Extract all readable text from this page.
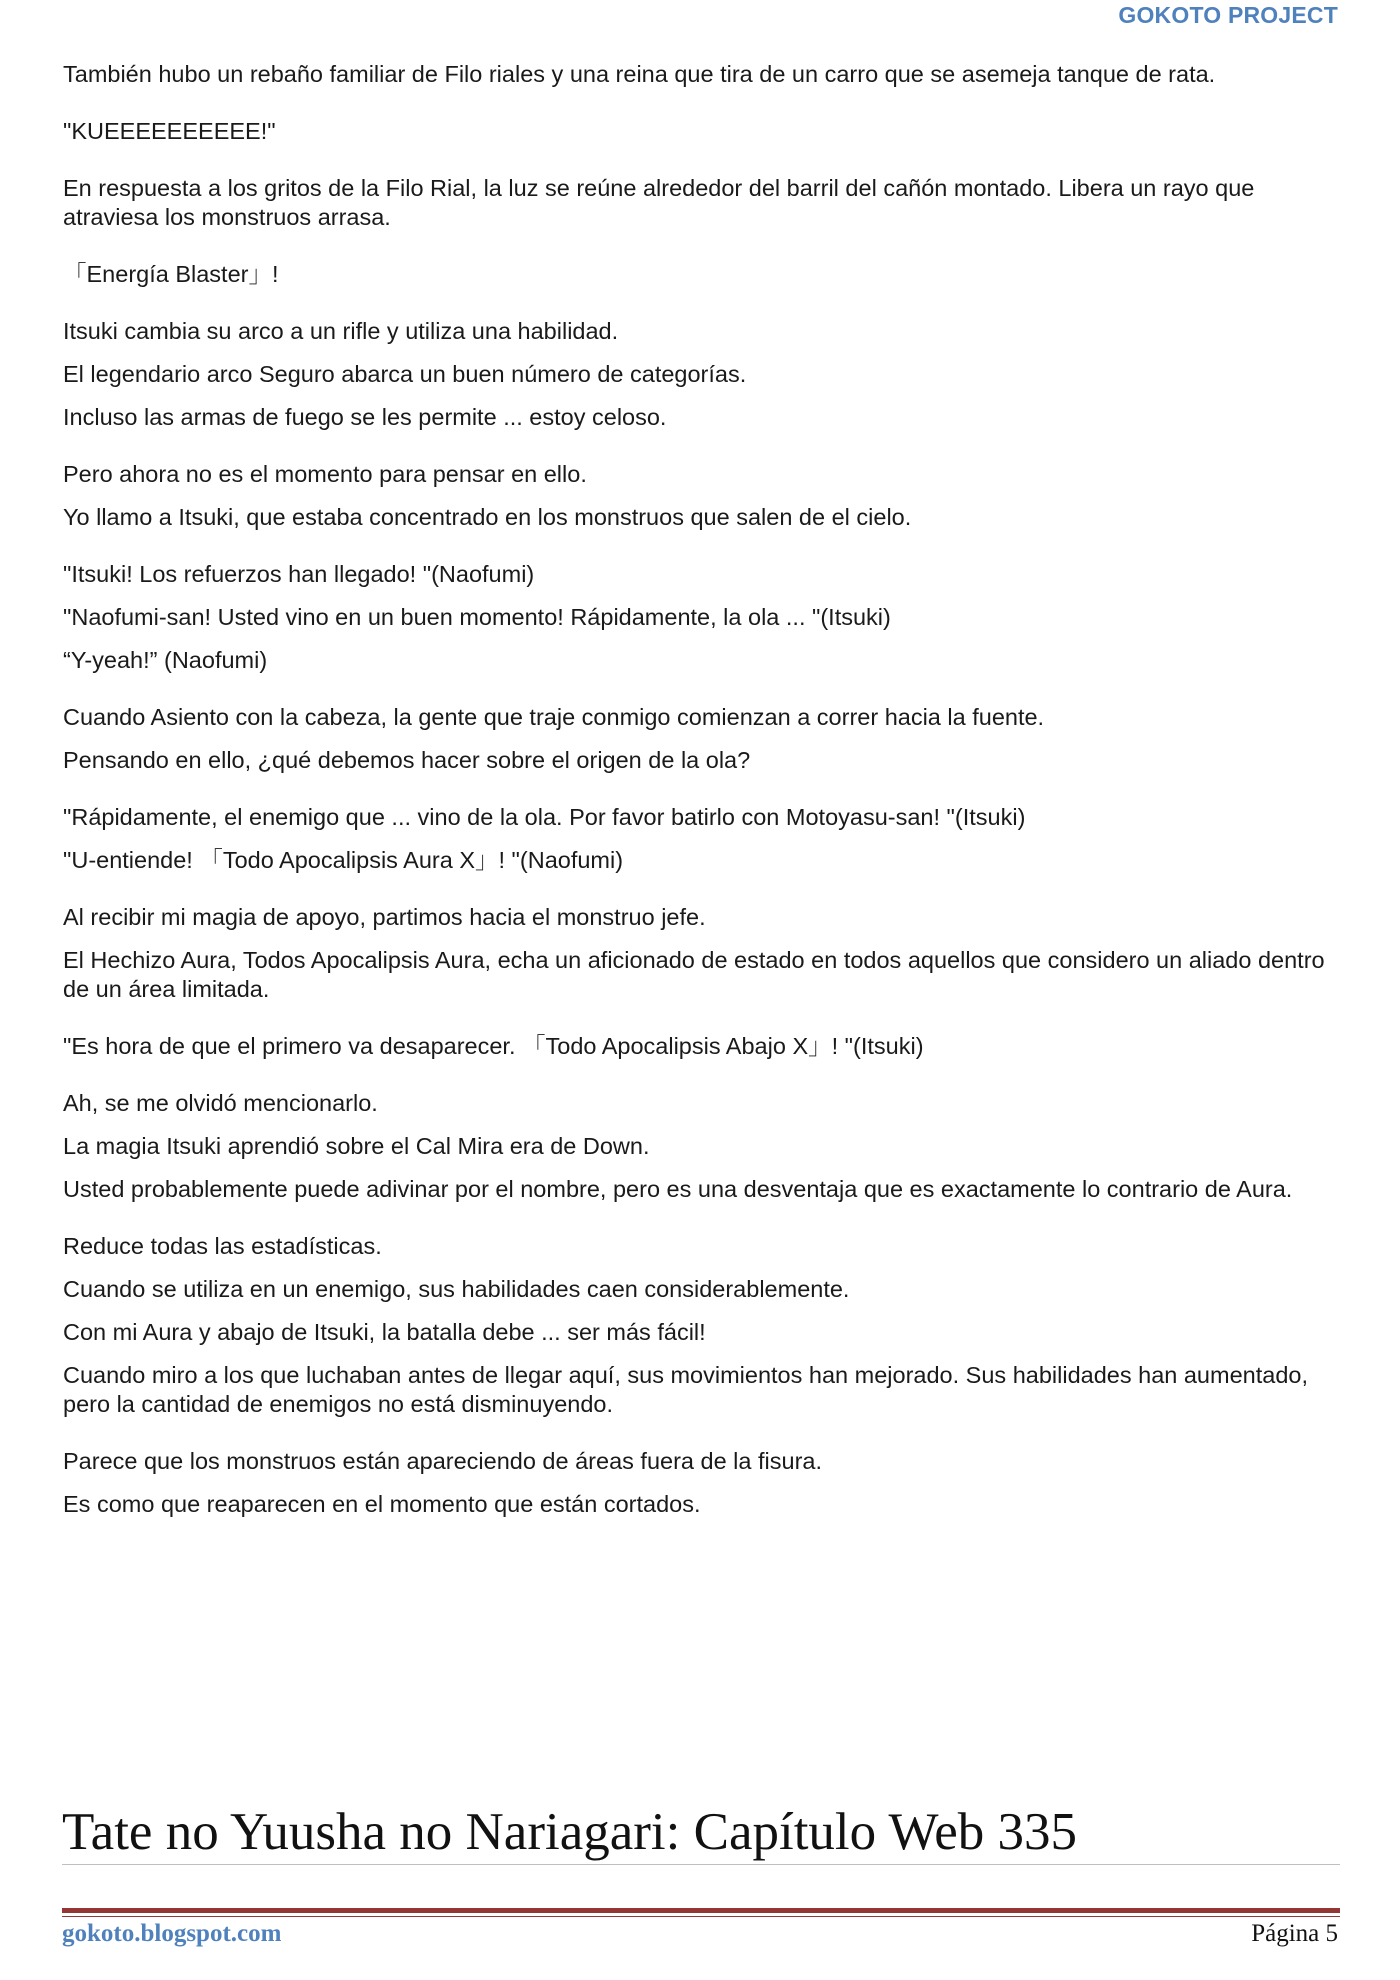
GOKOTO PROJECT
También hubo un rebaño familiar de Filo riales y una reina que tira de un carro que se asemeja tanque de rata.
"KUEEEEEEEEEE!"
En respuesta a los gritos de la Filo Rial, la luz se reúne alrededor del barril del cañón montado. Libera un rayo que atraviesa los monstruos arrasa.
「Energía Blaster」!
Itsuki cambia su arco a un rifle y utiliza una habilidad.
El legendario arco Seguro abarca un buen número de categorías.
Incluso las armas de fuego se les permite ... estoy celoso.
Pero ahora no es el momento para pensar en ello.
Yo llamo a Itsuki, que estaba concentrado en los monstruos que salen de el cielo.
"Itsuki! Los refuerzos han llegado! "(Naofumi)
"Naofumi-san! Usted vino en un buen momento! Rápidamente, la ola ... "(Itsuki)
“Y-yeah!” (Naofumi)
Cuando Asiento con la cabeza, la gente que traje conmigo comienzan a correr hacia la fuente.
Pensando en ello, ¿qué debemos hacer sobre el origen de la ola?
"Rápidamente, el enemigo que ... vino de la ola. Por favor batirlo con Motoyasu-san! "(Itsuki)
"U-entiende! 「Todo Apocalipsis Aura X」! "(Naofumi)
Al recibir mi magia de apoyo, partimos hacia el monstruo jefe.
El Hechizo Aura, Todos Apocalipsis Aura, echa un aficionado de estado en todos aquellos que considero un aliado dentro de un área limitada.
"Es hora de que el primero va desaparecer. 「Todo Apocalipsis Abajo X」! "(Itsuki)
Ah, se me olvidó mencionarlo.
La magia Itsuki aprendió sobre el Cal Mira era de Down.
Usted probablemente puede adivinar por el nombre, pero es una desventaja que es exactamente lo contrario de Aura.
Reduce todas las estadísticas.
Cuando se utiliza en un enemigo, sus habilidades caen considerablemente.
Con mi Aura y abajo de Itsuki, la batalla debe ... ser más fácil!
Cuando miro a los que luchaban antes de llegar aquí, sus movimientos han mejorado. Sus habilidades han aumentado, pero la cantidad de enemigos no está disminuyendo.
Parece que los monstruos están apareciendo de áreas fuera de la fisura.
Es como que reaparecen en el momento que están cortados.
Tate no Yuusha no Nariagari: Capítulo Web 335
gokoto.blogspot.com	Página 5
